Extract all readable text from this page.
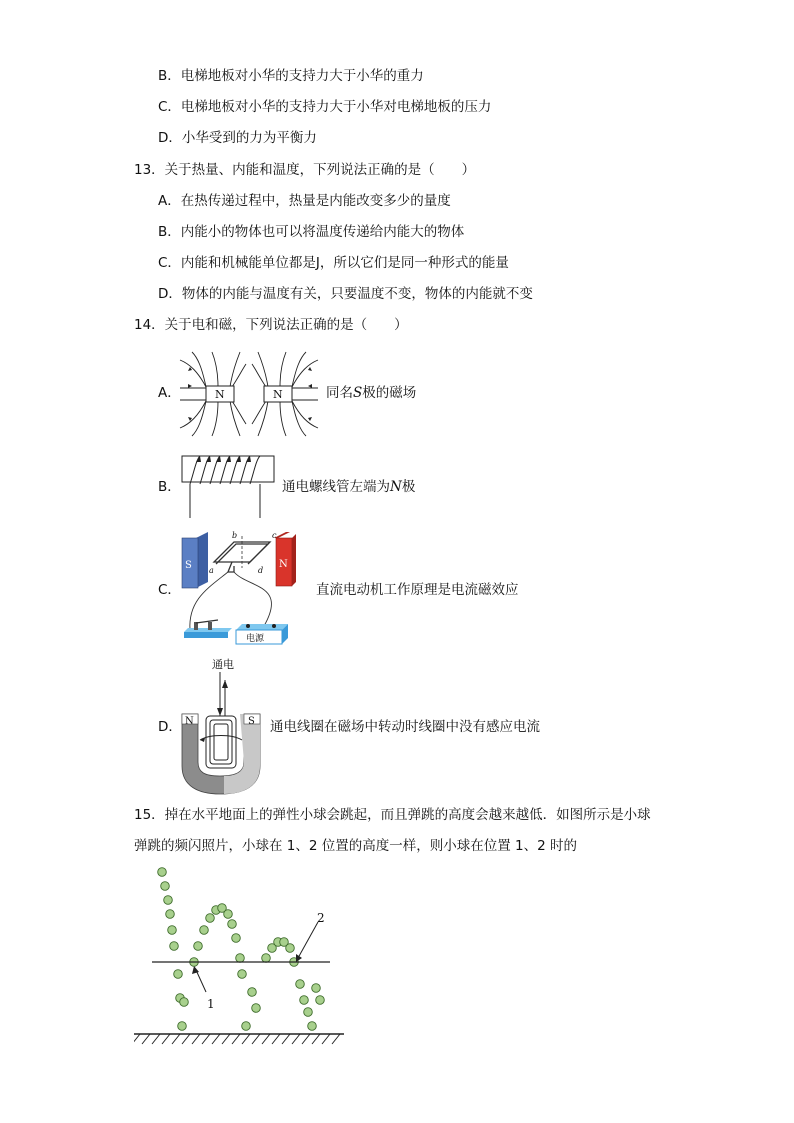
B．电梯地板对小华的支持力大于小华的重力
C．电梯地板对小华的支持力大于小华对电梯地板的压力
D．小华受到的力为平衡力
13．关于热量、内能和温度，下列说法正确的是（　　）
A．在热传递过程中，热量是内能改变多少的量度
B．内能小的物体也可以将温度传递给内能大的物体
C．内能和机械能单位都是J，所以它们是同一种形式的能量
D．物体的内能与温度有关，只要温度不变，物体的内能就不变
14．关于电和磁，下列说法正确的是（　　）
A．	N	N	同名S极的磁场
B．	通电螺线管左端为N极
C．
S	N
a
b	c
d
电源
直流电动机工作原理是电流磁效应
D．
通电
N	S 通电线圈在磁场中转动时线圈中没有感应电流
15．掉在水平地面上的弹性小球会跳起，而且弹跳的高度会越来越低．如图所示是小球
弹跳的频闪照片，小球在 1、2 位置的高度一样，则小球在位置 1、2 时的
1
2
